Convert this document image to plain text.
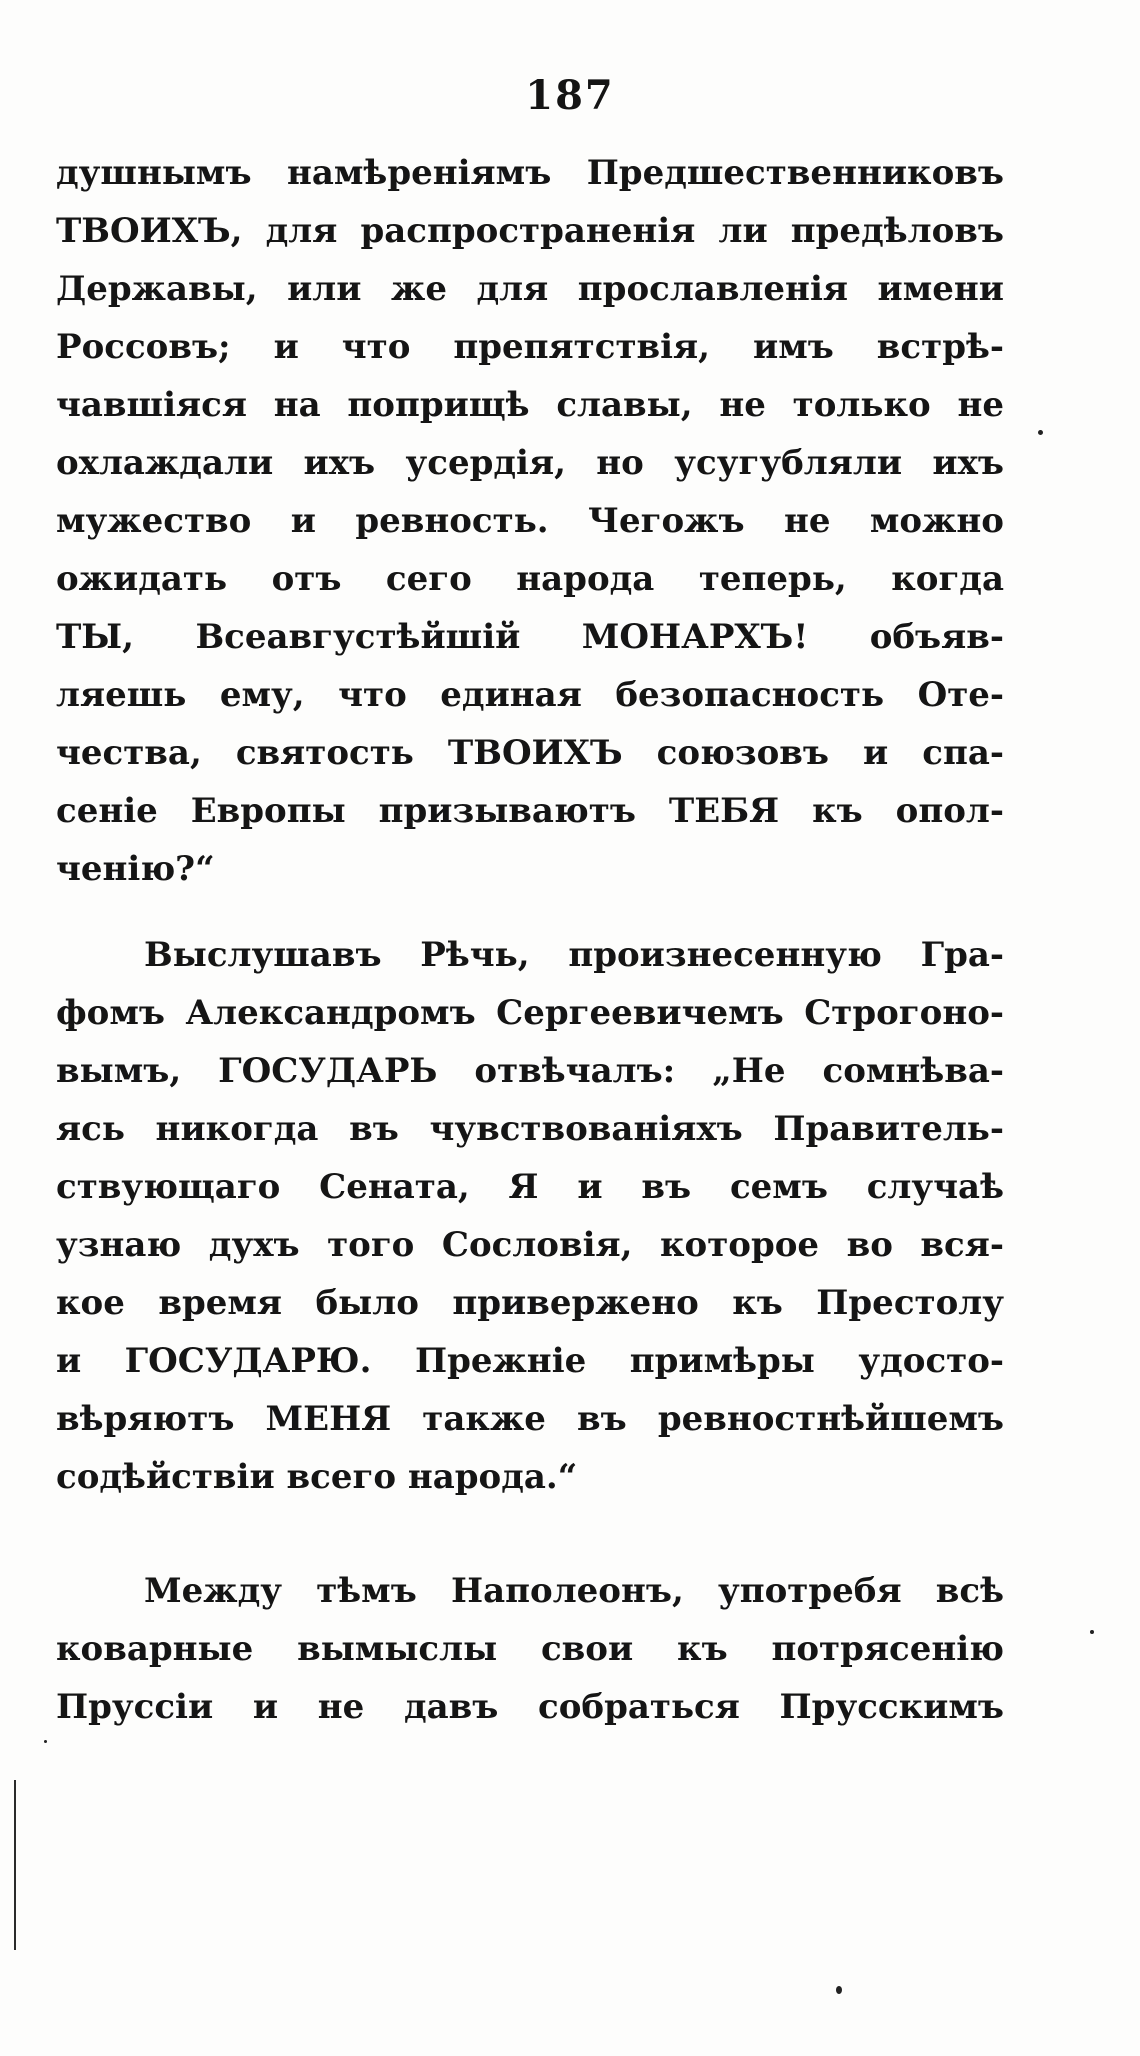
187
душнымъ намѣреніямъ Предшественниковъ
ТВОИХЪ, для распространенія ли предѣловъ
Державы, или же для прославленія имени
Россовъ; и что препятствія, имъ встрѣ-
чавшіяся на поприщѣ славы, не только не
охлаждали ихъ усердія, но усугубляли ихъ
мужество и ревность. Чегожъ не можно
ожидать отъ сего народа теперь, когда
ТЫ, Всеавгустѣйшій МОНАРХЪ! объяв-
ляешь ему, что единая безопасность Оте-
чества, святость ТВОИХЪ союзовъ и спа-
сеніе Европы призываютъ ТЕБЯ къ опол-
ченію?“
Выслушавъ Рѣчь, произнесенную Гра-
фомъ Александромъ Сергеевичемъ Строгоно-
вымъ, ГОСУДАРЬ отвѣчалъ: „Не сомнѣва-
ясь никогда въ чувствованіяхъ Правитель-
ствующаго Сената, Я и въ семъ случаѣ
узнаю духъ того Сословія, которое во вся-
кое время было привержено къ Престолу
и ГОСУДАРЮ. Прежніе примѣры удосто-
вѣряютъ МЕНЯ также въ ревностнѣйшемъ
содѣйствіи всего народа.“
Между тѣмъ Наполеонъ, употребя всѣ
коварные вымыслы свои къ потрясенію
Пруссіи и не давъ собраться Прусскимъ
